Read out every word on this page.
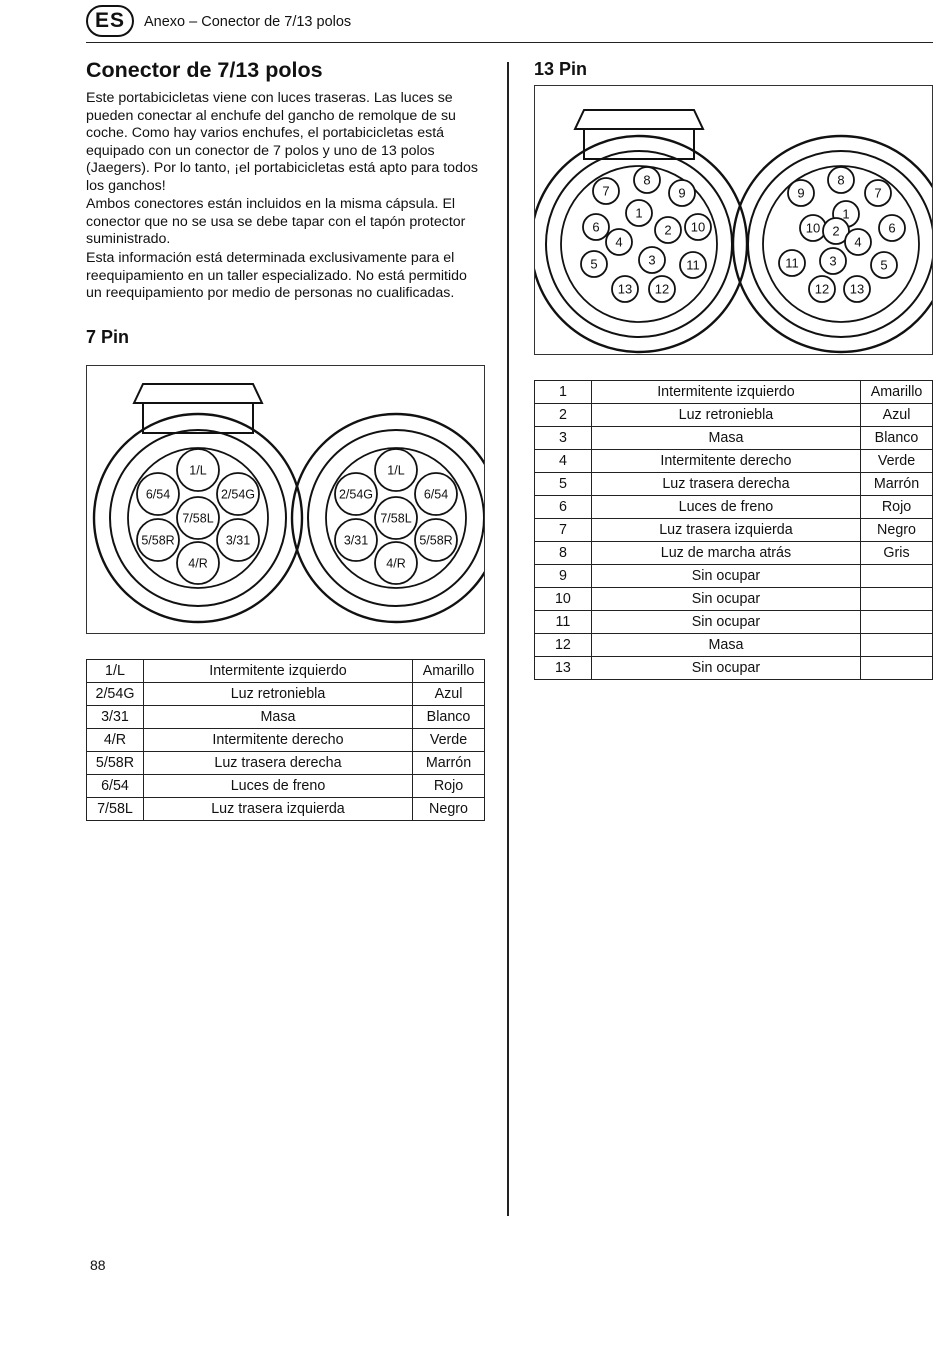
ES	Anexo – Conector de 7/13 polos
Conector de 7/13 polos

Este portabicicletas viene con luces traseras. Las luces se pueden conectar al enchufe del gancho de remolque de su coche. Como hay varios enchufes, el portabicicletas está equipado con un conector de 7 polos y uno de 13 polos (Jaegers). Por lo tanto, ¡el portabicicletas está apto para todos los ganchos!

Ambos conectores están incluidos en la misma cápsula. El conector que no se usa se debe tapar con el tapón protector suministrado.

Esta información está determinada exclusivamente para el reequipamiento en un taller especializado. No está permitido un reequipamiento por medio de personas no cualificadas.

7 Pin
13 Pin
1/L
6/54	2/54G
7/58L
5/58R	3/31
4/R
1/L
2/54G	6/54
7/58L
3/31	5/58R
4/R
8
7	9
1
6	2 10
4
3
5	11
13 12
8
9	7
1
10 2	6
4
11 3	5
12 13
1/L	Intermitente izquierdo	Amarillo
2/54G	Luz retroniebla	Azul
3/31	Masa	Blanco
4/R	Intermitente derecho	Verde
5/58R	Luz trasera derecha	Marrón
6/54	Luces de freno	Rojo
7/58L	Luz trasera izquierda	Negro
1	Intermitente izquierdo	Amarillo
2	Luz retroniebla	Azul
3	Masa	Blanco
4	Intermitente derecho	Verde
5	Luz trasera derecha	Marrón
6	Luces de freno	Rojo
7	Luz trasera izquierda	Negro
8	Luz de marcha atrás	Gris
9	Sin ocupar	
10	Sin ocupar	
11	Sin ocupar	
12	Masa	
13	Sin ocupar	
88
